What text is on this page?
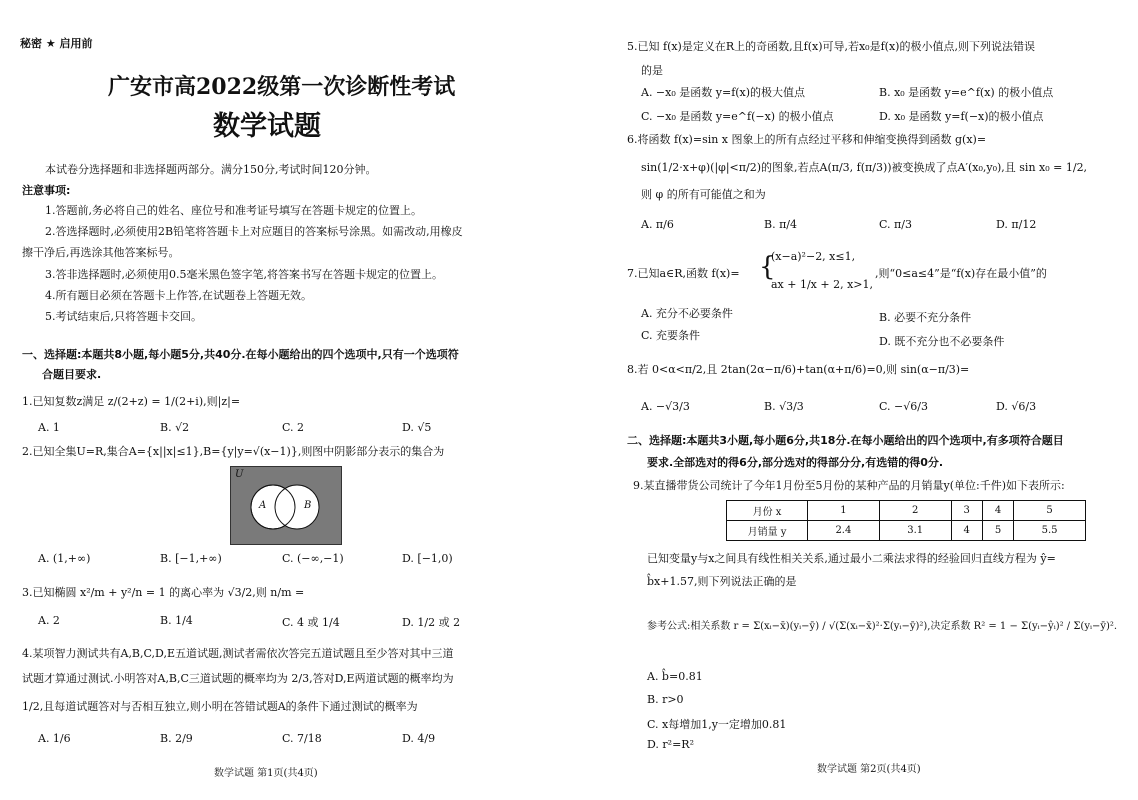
秘密 ★ 启用前
广安市高2022级第一次诊断性考试
数学试题
本试卷分选择题和非选择题两部分。满分150分,考试时间120分钟。
注意事项:
1.答题前,务必将自己的姓名、座位号和准考证号填写在答题卡规定的位置上。
2.答选择题时,必须使用2B铅笔将答题卡上对应题目的答案标号涂黑。如需改动,用橡皮
擦干净后,再选涂其他答案标号。
3.答非选择题时,必须使用0.5毫米黑色签字笔,将答案书写在答题卡规定的位置上。
4.所有题目必须在答题卡上作答,在试题卷上答题无效。
5.考试结束后,只将答题卡交回。
一、选择题:本题共8小题,每小题5分,共40分.在每小题给出的四个选项中,只有一个选项符
合题目要求.
1.已知复数z满足 z/(2+z) = 1/(2+i),则|z|=
A. 1	B. √2	C. 2	D. √5
2.已知全集U=R,集合A={x||x|≤1},B={y|y=√(x−1)},则图中阴影部分表示的集合为
U
A	B
A. (1,+∞)	B. [−1,+∞)	C. (−∞,−1)	D. [−1,0)
3.已知椭圆 x²/m + y²/n = 1 的离心率为 √3/2,则 n/m =
A. 2	B. 1/4	C. 4 或 1/4	D. 1/2 或 2
4.某项智力测试共有A,B,C,D,E五道试题,测试者需依次答完五道试题且至少答对其中三道
试题才算通过测试.小明答对A,B,C三道试题的概率均为 2/3,答对D,E两道试题的概率均为
1/2,且每道试题答对与否相互独立,则小明在答错试题A的条件下通过测试的概率为
A. 1/6	B. 2/9	C. 7/18	D. 4/9
数学试题 第1页(共4页)
5.已知 f(x)是定义在R上的奇函数,且f(x)可导,若x₀是f(x)的极小值点,则下列说法错误
的是
A. −x₀ 是函数 y=f(x)的极大值点	B. x₀ 是函数 y=e^f(x) 的极小值点
C. −x₀ 是函数 y=e^f(−x) 的极小值点	D. x₀ 是函数 y=f(−x)的极小值点
6.将函数 f(x)=sin x 图象上的所有点经过平移和伸缩变换得到函数 g(x)=
sin(1/2·x+φ)(|φ|<π/2)的图象,若点A(π/3, f(π/3))被变换成了点A′(x₀,y₀),且 sin x₀ = 1/2,
则 φ 的所有可能值之和为
A. π/6	B. π/4	C. π/3	D. π/12
7.已知a∈R,函数 f(x)= {
(x−a)²−2, x≤1,
ax + 1/x + 2, x>1,
,则“0≤a≤4”是“f(x)存在最小值”的
A. 充分不必要条件	B. 必要不充分条件
C. 充要条件	D. 既不充分也不必要条件
8.若 0<α<π/2,且 2tan(2α−π/6)+tan(α+π/6)=0,则 sin(α−π/3)=
A. −√3/3	B. √3/3	C. −√6/3	D. √6/3
二、选择题:本题共3小题,每小题6分,共18分.在每小题给出的四个选项中,有多项符合题目
要求.全部选对的得6分,部分选对的得部分分,有选错的得0分.
9.某直播带货公司统计了今年1月份至5月份的某种产品的月销量y(单位:千件)如下表所示:
月份 x	1	2	3	4	5
月销量 y	2.4	3.1	4	5	5.5
已知变量y与x之间具有线性相关关系,通过最小二乘法求得的经验回归直线方程为 ŷ=
b̂x+1.57,则下列说法正确的是
参考公式:相关系数 r = Σ(xᵢ−x̄)(yᵢ−ȳ) / √(Σ(xᵢ−x̄)²·Σ(yᵢ−ȳ)²),决定系数 R² = 1 − Σ(yᵢ−ŷᵢ)² / Σ(yᵢ−ȳ)².
A. b̂=0.81
B. r>0
C. x每增加1,y一定增加0.81
D. r²=R²
数学试题 第2页(共4页)
